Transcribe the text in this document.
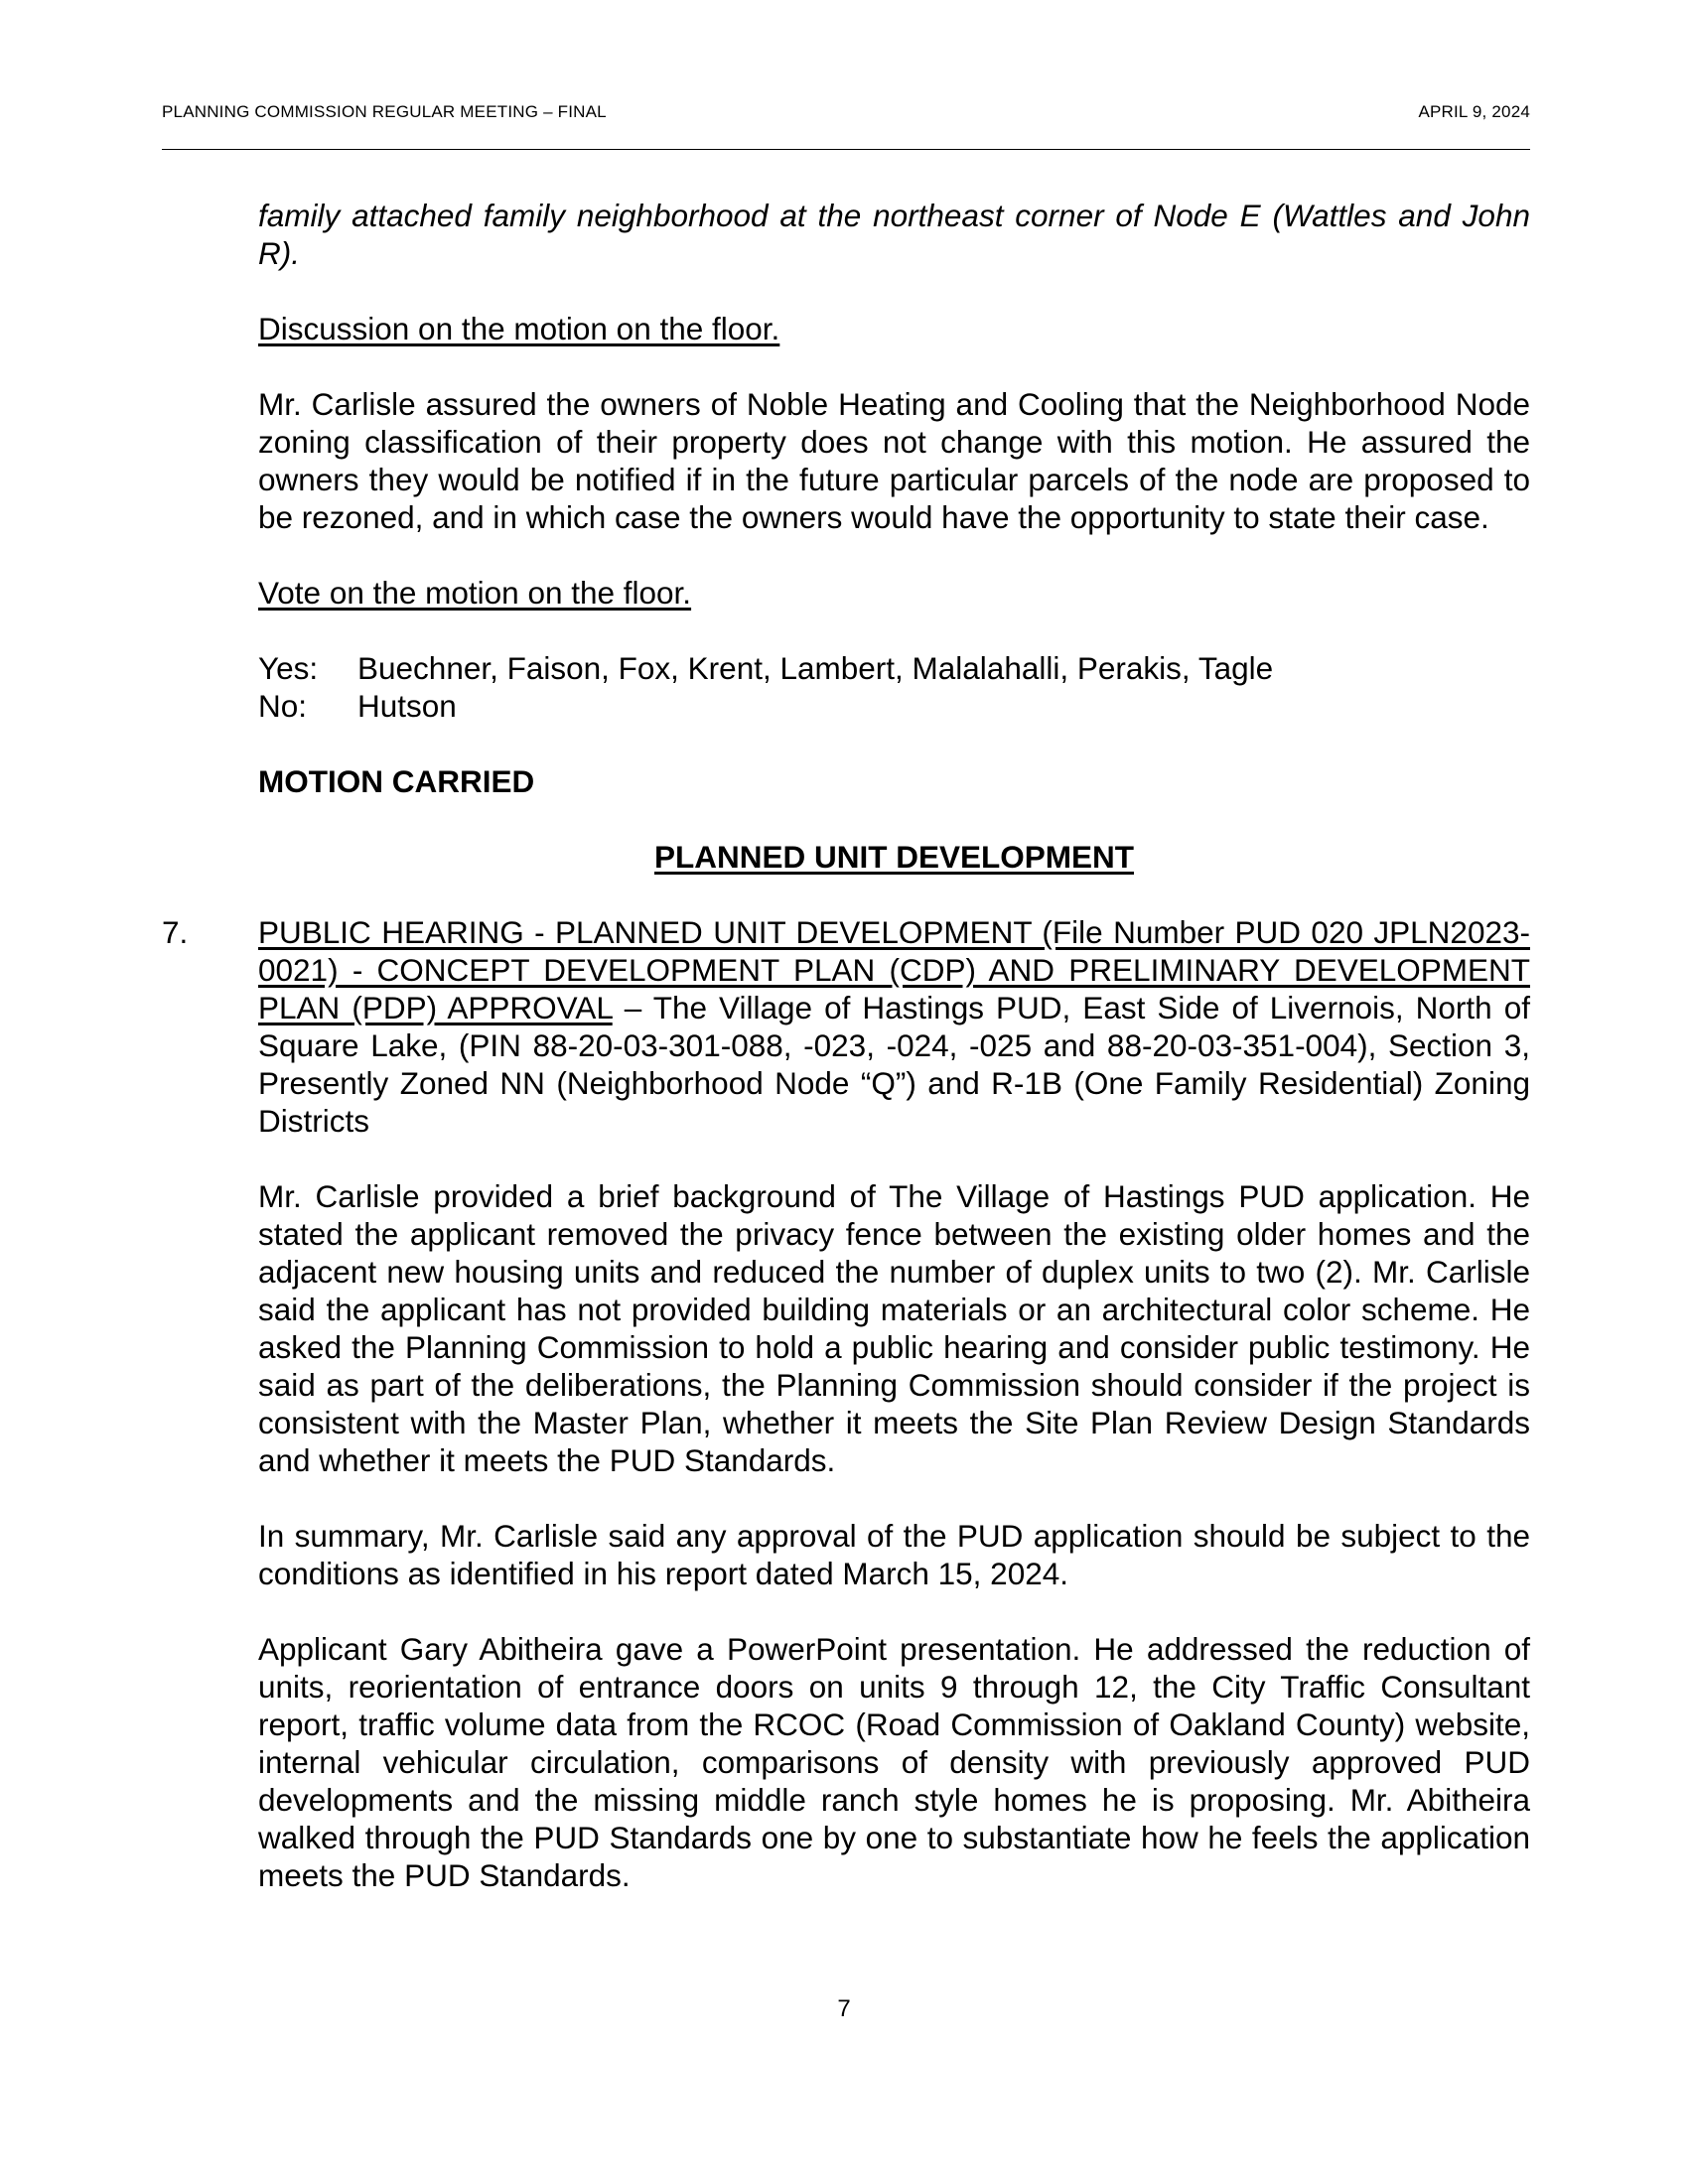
PLANNING COMMISSION REGULAR MEETING – FINAL	APRIL 9, 2024

family attached family neighborhood at the northeast corner of Node E (Wattles and John R).

Discussion on the motion on the floor.

Mr. Carlisle assured the owners of Noble Heating and Cooling that the Neighborhood Node zoning classification of their property does not change with this motion. He assured the owners they would be notified if in the future particular parcels of the node are proposed to be rezoned, and in which case the owners would have the opportunity to state their case.

Vote on the motion on the floor.

Yes:	Buechner, Faison, Fox, Krent, Lambert, Malalahalli, Perakis, Tagle
No:	Hutson

MOTION CARRIED

PLANNED UNIT DEVELOPMENT

7. PUBLIC HEARING - PLANNED UNIT DEVELOPMENT (File Number PUD 020 JPLN2023-0021) - CONCEPT DEVELOPMENT PLAN (CDP) AND PRELIMINARY DEVELOPMENT PLAN (PDP) APPROVAL – The Village of Hastings PUD, East Side of Livernois, North of Square Lake, (PIN 88-20-03-301-088, -023, -024, -025 and 88-20-03-351-004), Section 3, Presently Zoned NN (Neighborhood Node “Q”) and R-1B (One Family Residential) Zoning Districts

Mr. Carlisle provided a brief background of The Village of Hastings PUD application. He stated the applicant removed the privacy fence between the existing older homes and the adjacent new housing units and reduced the number of duplex units to two (2). Mr. Carlisle said the applicant has not provided building materials or an architectural color scheme. He asked the Planning Commission to hold a public hearing and consider public testimony. He said as part of the deliberations, the Planning Commission should consider if the project is consistent with the Master Plan, whether it meets the Site Plan Review Design Standards and whether it meets the PUD Standards.

In summary, Mr. Carlisle said any approval of the PUD application should be subject to the conditions as identified in his report dated March 15, 2024.

Applicant Gary Abitheira gave a PowerPoint presentation. He addressed the reduction of units, reorientation of entrance doors on units 9 through 12, the City Traffic Consultant report, traffic volume data from the RCOC (Road Commission of Oakland County) website, internal vehicular circulation, comparisons of density with previously approved PUD developments and the missing middle ranch style homes he is proposing. Mr. Abitheira walked through the PUD Standards one by one to substantiate how he feels the application meets the PUD Standards.

7
